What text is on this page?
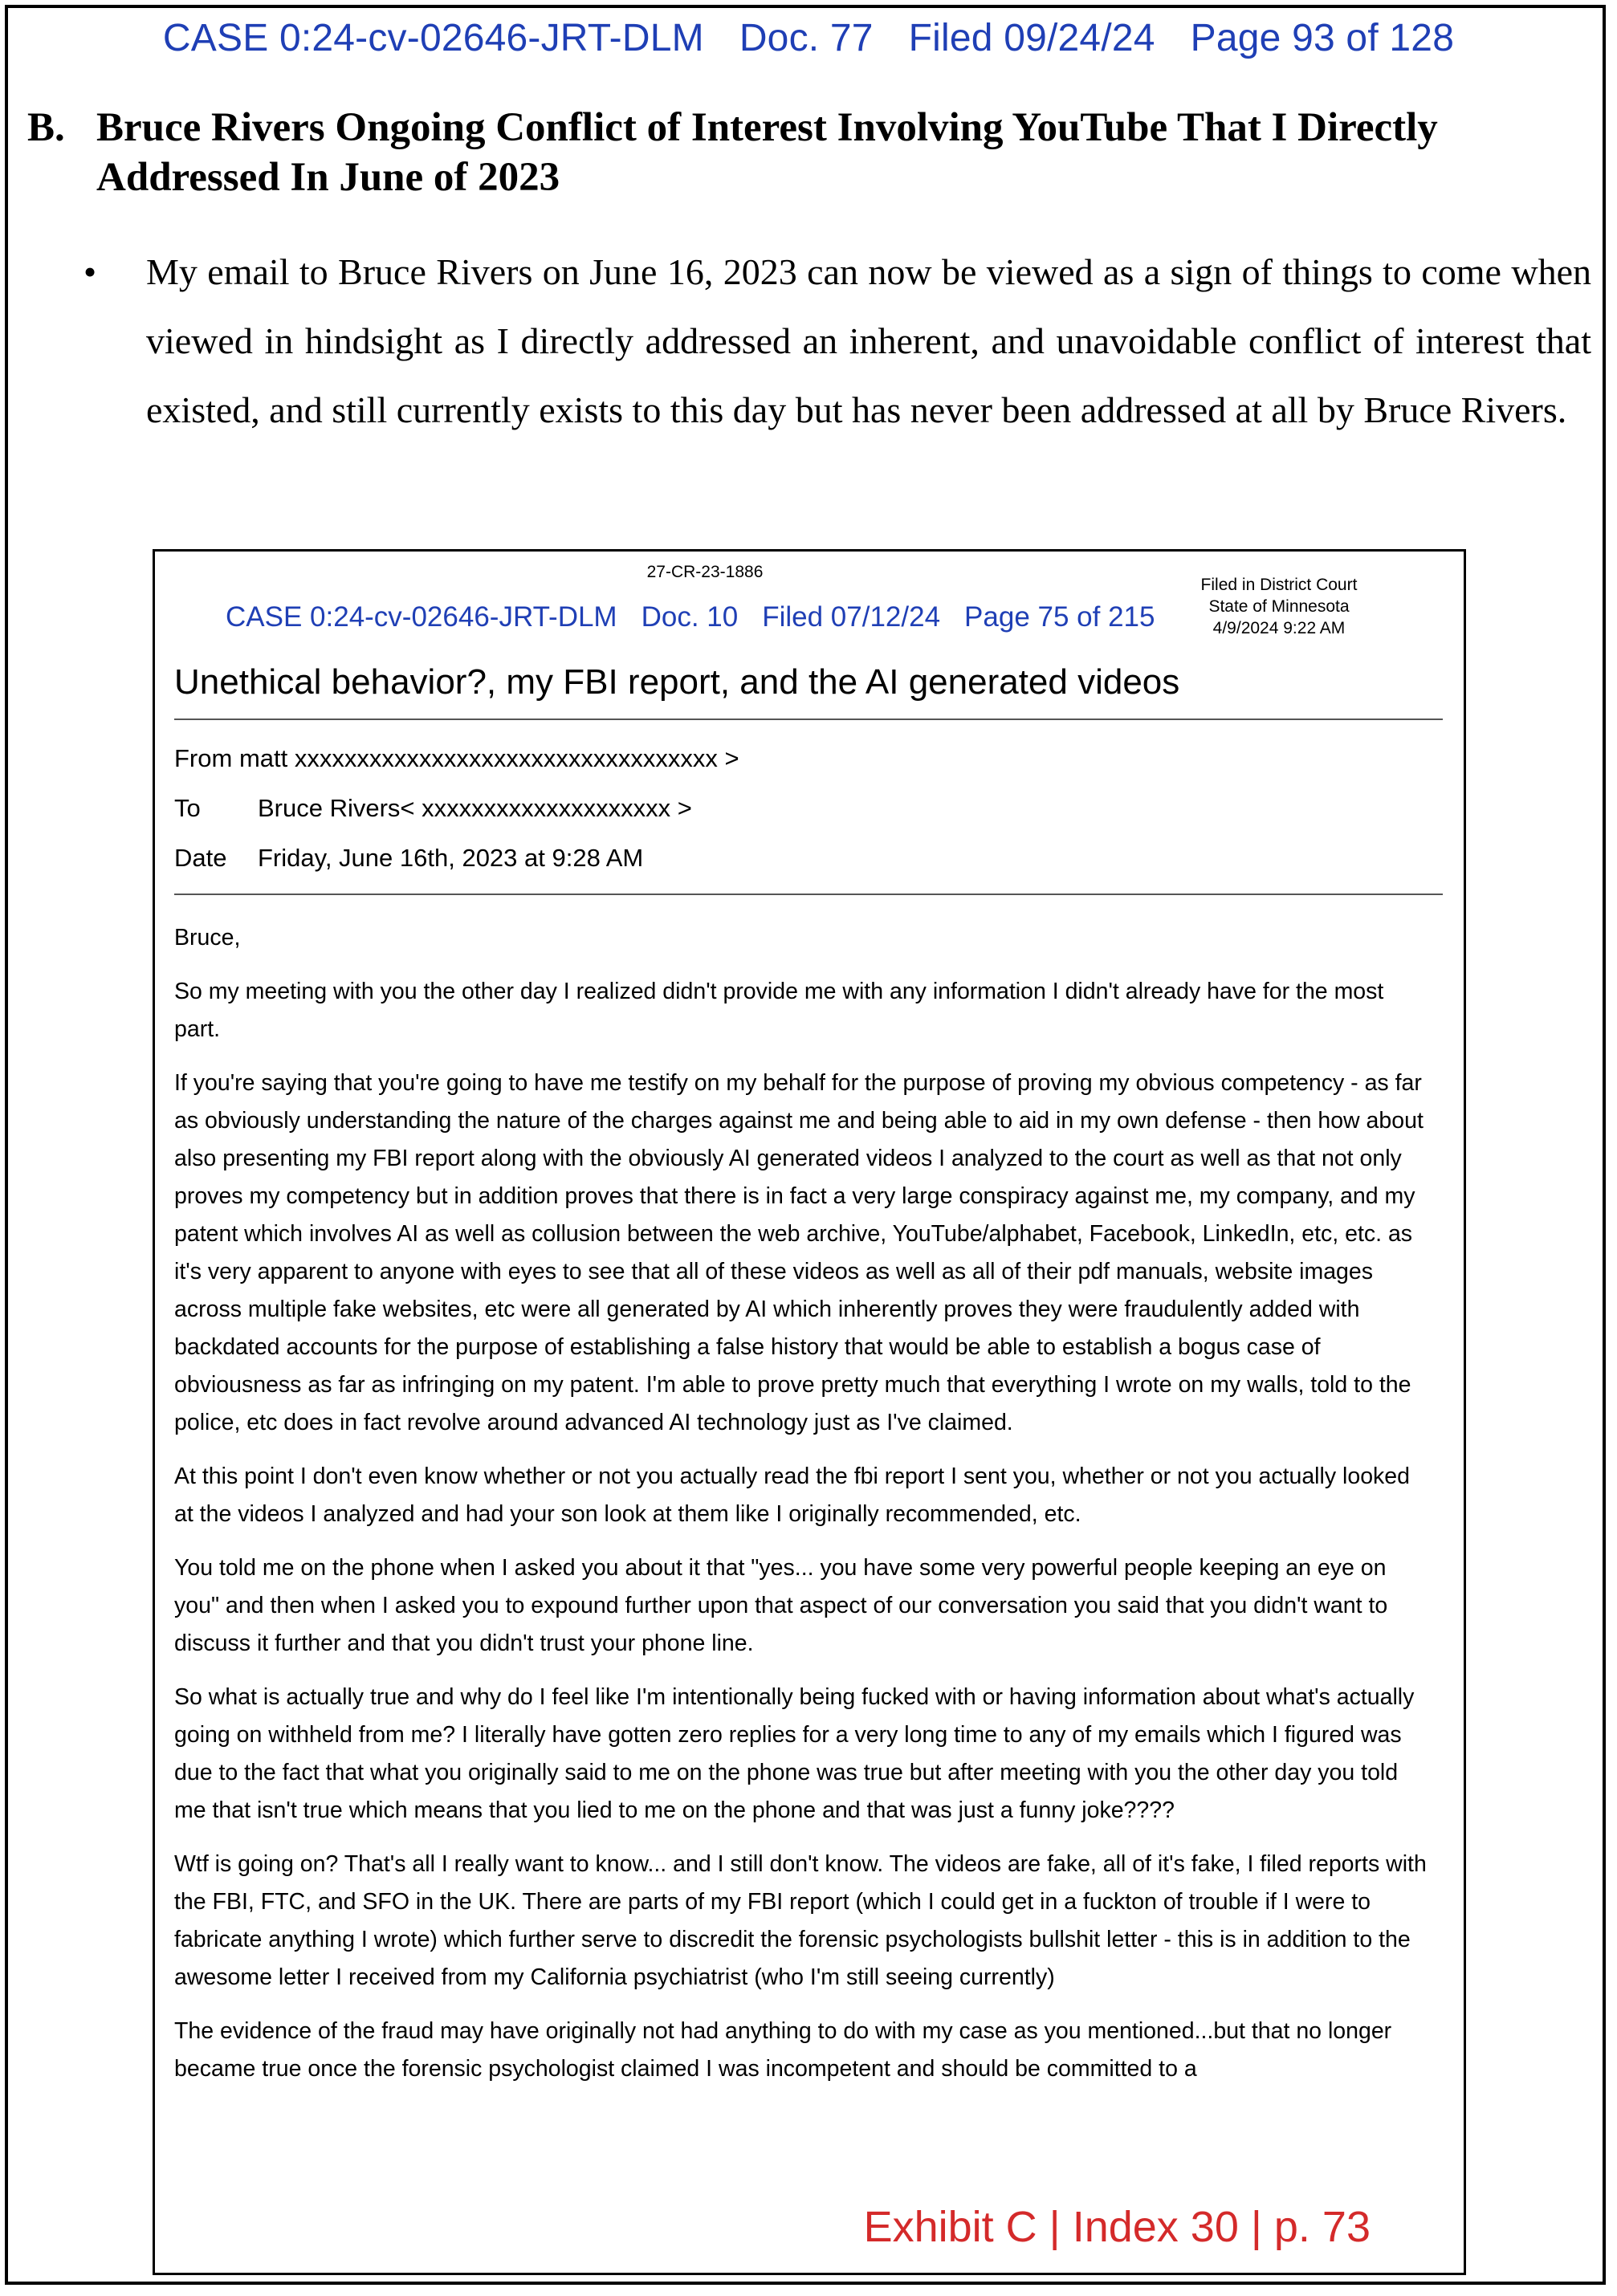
CASE 0:24-cv-02646-JRT-DLM Doc. 77 Filed 09/24/24 Page 93 of 128
B. Bruce Rivers Ongoing Conflict of Interest Involving YouTube That I Directly Addressed In June of 2023
• My email to Bruce Rivers on June 16, 2023 can now be viewed as a sign of things to come when viewed in hindsight as I directly addressed an inherent, and unavoidable conflict of interest that existed, and still currently exists to this day but has never been addressed at all by Bruce Rivers.
27-CR-23-1886
CASE 0:24-cv-02646-JRT-DLM Doc. 10 Filed 07/12/24 Page 75 of 215
Filed in District Court
State of Minnesota
4/9/2024 9:22 AM
Unethical behavior?, my FBI report, and the AI generated videos
From matt xxxxxxxxxxxxxxxxxxxxxxxxxxxxxxxxxx >
To Bruce Rivers< xxxxxxxxxxxxxxxxxxxx >
Date Friday, June 16th, 2023 at 9:28 AM

Bruce,

So my meeting with you the other day I realized didn't provide me with any information I didn't already have for the most part.

If you're saying that you're going to have me testify on my behalf for the purpose of proving my obvious competency - as far as obviously understanding the nature of the charges against me and being able to aid in my own defense - then how about also presenting my FBI report along with the obviously AI generated videos I analyzed to the court as well as that not only proves my competency but in addition proves that there is in fact a very large conspiracy against me, my company, and my patent which involves AI as well as collusion between the web archive, YouTube/alphabet, Facebook, LinkedIn, etc, etc. as it's very apparent to anyone with eyes to see that all of these videos as well as all of their pdf manuals, website images across multiple fake websites, etc were all generated by AI which inherently proves they were fraudulently added with backdated accounts for the purpose of establishing a false history that would be able to establish a bogus case of obviousness as far as infringing on my patent. I'm able to prove pretty much that everything I wrote on my walls, told to the police, etc does in fact revolve around advanced AI technology just as I've claimed.

At this point I don't even know whether or not you actually read the fbi report I sent you, whether or not you actually looked at the videos I analyzed and had your son look at them like I originally recommended, etc.

You told me on the phone when I asked you about it that "yes... you have some very powerful people keeping an eye on you" and then when I asked you to expound further upon that aspect of our conversation you said that you didn't want to discuss it further and that you didn't trust your phone line.

So what is actually true and why do I feel like I'm intentionally being fucked with or having information about what's actually going on withheld from me? I literally have gotten zero replies for a very long time to any of my emails which I figured was due to the fact that what you originally said to me on the phone was true but after meeting with you the other day you told me that isn't true which means that you lied to me on the phone and that was just a funny joke????

Wtf is going on? That's all I really want to know... and I still don't know. The videos are fake, all of it's fake, I filed reports with the FBI, FTC, and SFO in the UK. There are parts of my FBI report (which I could get in a fuckton of trouble if I were to fabricate anything I wrote) which further serve to discredit the forensic psychologists bullshit letter - this is in addition to the awesome letter I received from my California psychiatrist (who I'm still seeing currently)

The evidence of the fraud may have originally not had anything to do with my case as you mentioned...but that no longer became true once the forensic psychologist claimed I was incompetent and should be committed to a

Exhibit C | Index 30 | p. 73
